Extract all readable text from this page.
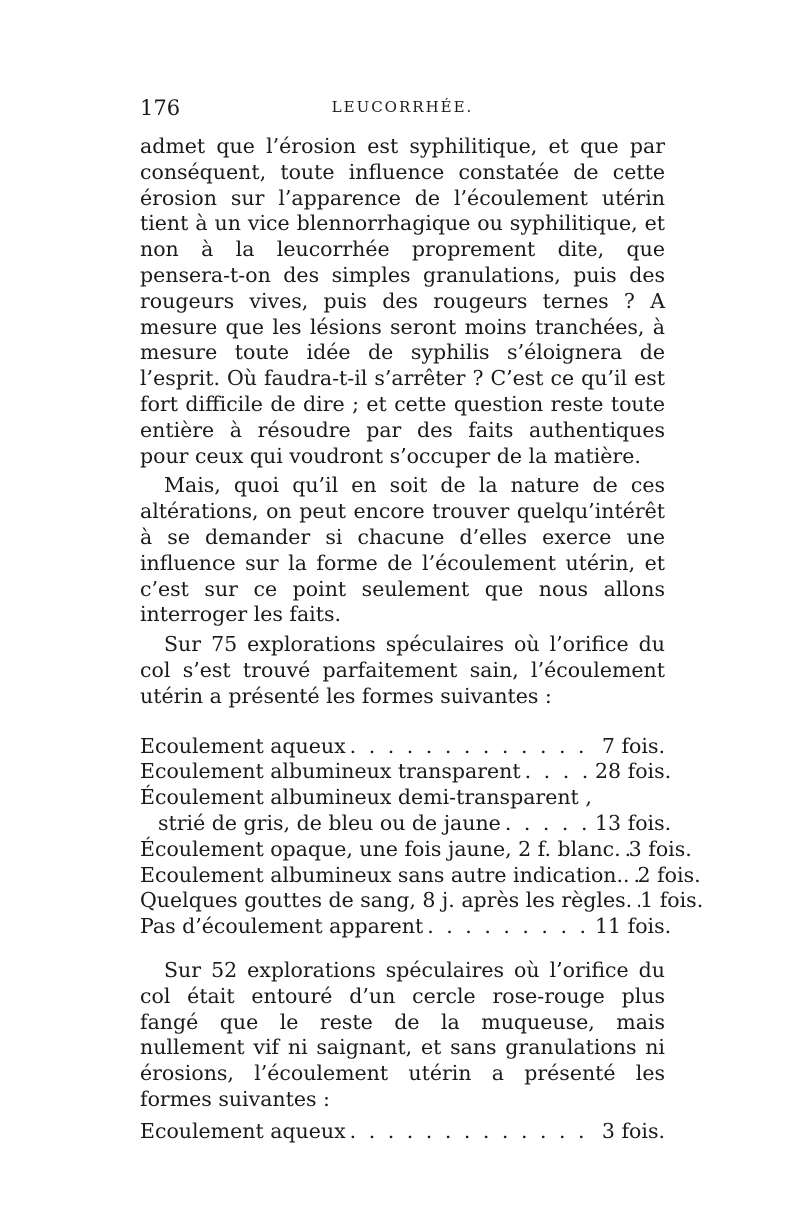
176	LEUCORRHÉE.

admet que l’érosion est syphilitique, et que par conséquent, toute influence constatée de cette érosion sur l’apparence de l’écoulement utérin tient à un vice blennorrhagique ou syphilitique, et non à la leucorrhée proprement dite, que pensera-t-on des simples granulations, puis des rougeurs vives, puis des rougeurs ternes ? A mesure que les lésions seront moins tranchées, à mesure toute idée de syphilis s’éloignera de l’esprit. Où faudra-t-il s’arrêter ? C’est ce qu’il est fort difficile de dire ; et cette question reste toute entière à résoudre par des faits authentiques pour ceux qui voudront s’occuper de la matière.

Mais, quoi qu’il en soit de la nature de ces altérations, on peut encore trouver quelqu’intérêt à se demander si chacune d’elles exerce une influence sur la forme de l’écoulement utérin, et c’est sur ce point seulement que nous allons interroger les faits.

Sur 75 explorations spéculaires où l’orifice du col s’est trouvé parfaitement sain, l’écoulement utérin a présenté les formes suivantes :

Ecoulement aqueux . . .	7 fois.
Ecoulement albumineux transparent . . .	28 fois.
Écoulement albumineux demi-transparent ,
strié de gris, de bleu ou de jaune . . .	13 fois.
Écoulement opaque, une fois jaune, 2 f. blanc. . . . 3 fois.
Ecoulement albumineux sans autre indication.. . . . 2 fois.
Quelques gouttes de sang, 8 j. après les règles. . . . 1 fois.
Pas d’écoulement apparent . . .	11 fois.

Sur 52 explorations spéculaires où l’orifice du col était entouré d’un cercle rose-rouge plus fangé que le reste de la muqueuse, mais nullement vif ni saignant, et sans granulations ni érosions, l’écoulement utérin a présenté les formes suivantes :

Ecoulement aqueux . . .	3 fois.
